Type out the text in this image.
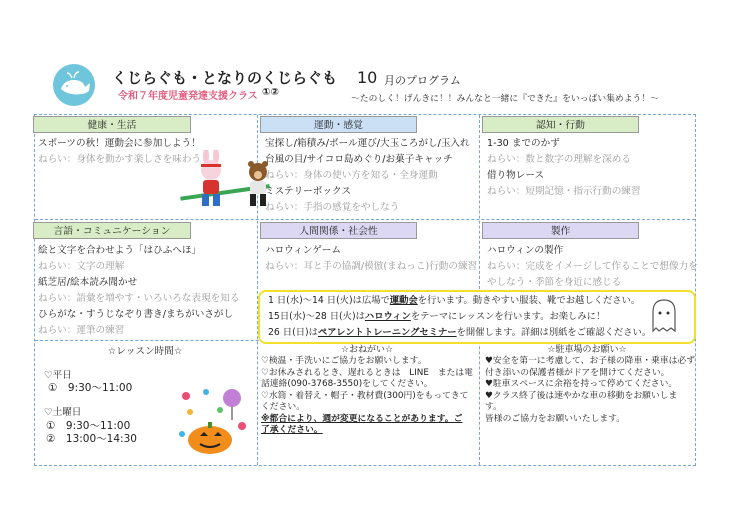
くじらぐも・となりのくじらぐも
令和７年度児童発達支援クラス ①②
10 月のプログラム
～たのしく！げんきに！！みんなと一緒に『できた』をいっぱい集めよう！～
健康・生活	運動・感覚	認知・行動
言語・コミュニケーション	人間関係・社会性	製作
スポーツの秋！運動会に参加しよう！
ねらい：身体を動かす楽しさを味わう
宝探し/箱積み/ボール運び/大玉ころがし/玉入れ
台風の目/サイコロ島めぐり/お菓子キャッチ
ねらい：身体の使い方を知る・全身運動
ミステリーボックス
ねらい：手指の感覚をやしなう
1-30 までのかず
ねらい：数と数字の理解を深める
借り物レース
ねらい：短期記憶・指示行動の練習
絵と文字を合わせよう「はひふへほ」
ねらい：文字の理解
紙芝居/絵本読み聞かせ
ねらい：語彙を増やす・いろいろな表現を知る
ひらがな・すうじなぞり書き/まちがいさがし
ねらい：運筆の練習
ハロウィンゲーム
ねらい：耳と手の協調/模倣(まねっこ)行動の練習
ハロウィンの製作
ねらい：完成をイメージして作ることで想像力を
やしなう・季節を身近に感じる
1 日(水)～14 日(火)は広場で運動会を行います。動きやすい服装、靴でお越しください。
15日(水)～28 日(火)はハロウィンをテーマにレッスンを行います。お楽しみに！
26 日(日)はペアレントトレーニングセミナーを開催します。詳細は別紙をご確認ください。
☆レッスン時間☆
♡平日
①　9:30～11:00
♡土曜日
①　9:30～11:00
②　13:00～14:30
☆おねがい☆
♡検温・手洗いにご協力をお願いします。
♡お休みされるとき、遅れるときは　LINE　または電
話連絡(090-3768-3550)をしてください。
♡水筒・着替え・帽子・教材費(300円)をもってきて
ください。
※都合により、週が変更になることがあります。ご
了承ください。
☆駐車場のお願い☆
♥安全を第一に考慮して、お子様の降車・乗車は必ず
付き添いの保護者様がドアを開けてください。
♥駐車スペースに余裕を持って停めてください。
♥クラス終了後は速やかな車の移動をお願いしま
す。
皆様のご協力をお願いいたします。
